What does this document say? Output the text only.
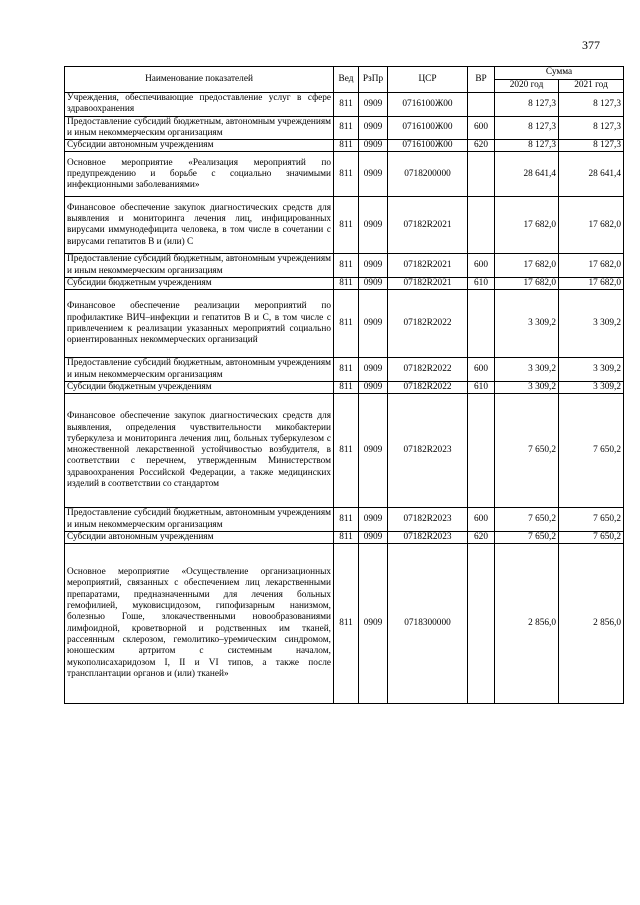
377
Наименование показателей	Вед	РзПр	ЦСР	ВР	Сумма	
					2020 год	2021 год
Учреждения, обеспечивающие предоставление услуг в сфере здравоохранения	811	0909	0716100Ж00		8 127,3	8 127,3
Предоставление субсидий бюджетным, автономным учреждениям и иным некоммерческим организациям	811	0909	0716100Ж00	600	8 127,3	8 127,3
Субсидии автономным учреждениям	811	0909	0716100Ж00	620	8 127,3	8 127,3
Основное мероприятие «Реализация мероприятий по предупреждению и борьбе с социально значимыми инфекционными заболеваниями»	811	0909	0718200000		28 641,4	28 641,4
Финансовое обеспечение закупок диагностических средств для выявления и мониторинга лечения лиц, инфицированных вирусами иммунодефицита человека, в том числе в сочетании с вирусами гепатитов B и (или) C	811	0909	07182R2021		17 682,0	17 682,0
Предоставление субсидий бюджетным, автономным учреждениям и иным некоммерческим организациям	811	0909	07182R2021	600	17 682,0	17 682,0
Субсидии бюджетным учреждениям	811	0909	07182R2021	610	17 682,0	17 682,0
Финансовое обеспечение реализации мероприятий по профилактике ВИЧ–инфекции и гепатитов B и C, в том числе с привлечением к реализации указанных мероприятий социально ориентированных некоммерческих организаций	811	0909	07182R2022		3 309,2	3 309,2
Предоставление субсидий бюджетным, автономным учреждениям и иным некоммерческим организациям	811	0909	07182R2022	600	3 309,2	3 309,2
Субсидии бюджетным учреждениям	811	0909	07182R2022	610	3 309,2	3 309,2
Финансовое обеспечение закупок диагностических средств для выявления, определения чувствительности микобактерии туберкулеза и мониторинга лечения лиц, больных туберкулезом с множественной лекарственной устойчивостью возбудителя, в соответствии с перечнем, утвержденным Министерством здравоохранения Российской Федерации, а также медицинских изделий в соответствии со стандартом	811	0909	07182R2023		7 650,2	7 650,2
Предоставление субсидий бюджетным, автономным учреждениям и иным некоммерческим организациям	811	0909	07182R2023	600	7 650,2	7 650,2
Субсидии автономным учреждениям	811	0909	07182R2023	620	7 650,2	7 650,2
Основное мероприятие «Осуществление организационных мероприятий, связанных с обеспечением лиц лекарственными препаратами, предназначенными для лечения больных гемофилией, муковисцидозом, гипофизарным нанизмом, болезнью Гоше, злокачественными новообразованиями лимфоидной, кроветворной и родственных им тканей, рассеянным склерозом, гемолитико–уремическим синдромом, юношеским артритом с системным началом, мукополисахаридозом I, II и VI типов, а также после трансплантации органов и (или) тканей»	811	0909	0718300000		2 856,0	2 856,0
